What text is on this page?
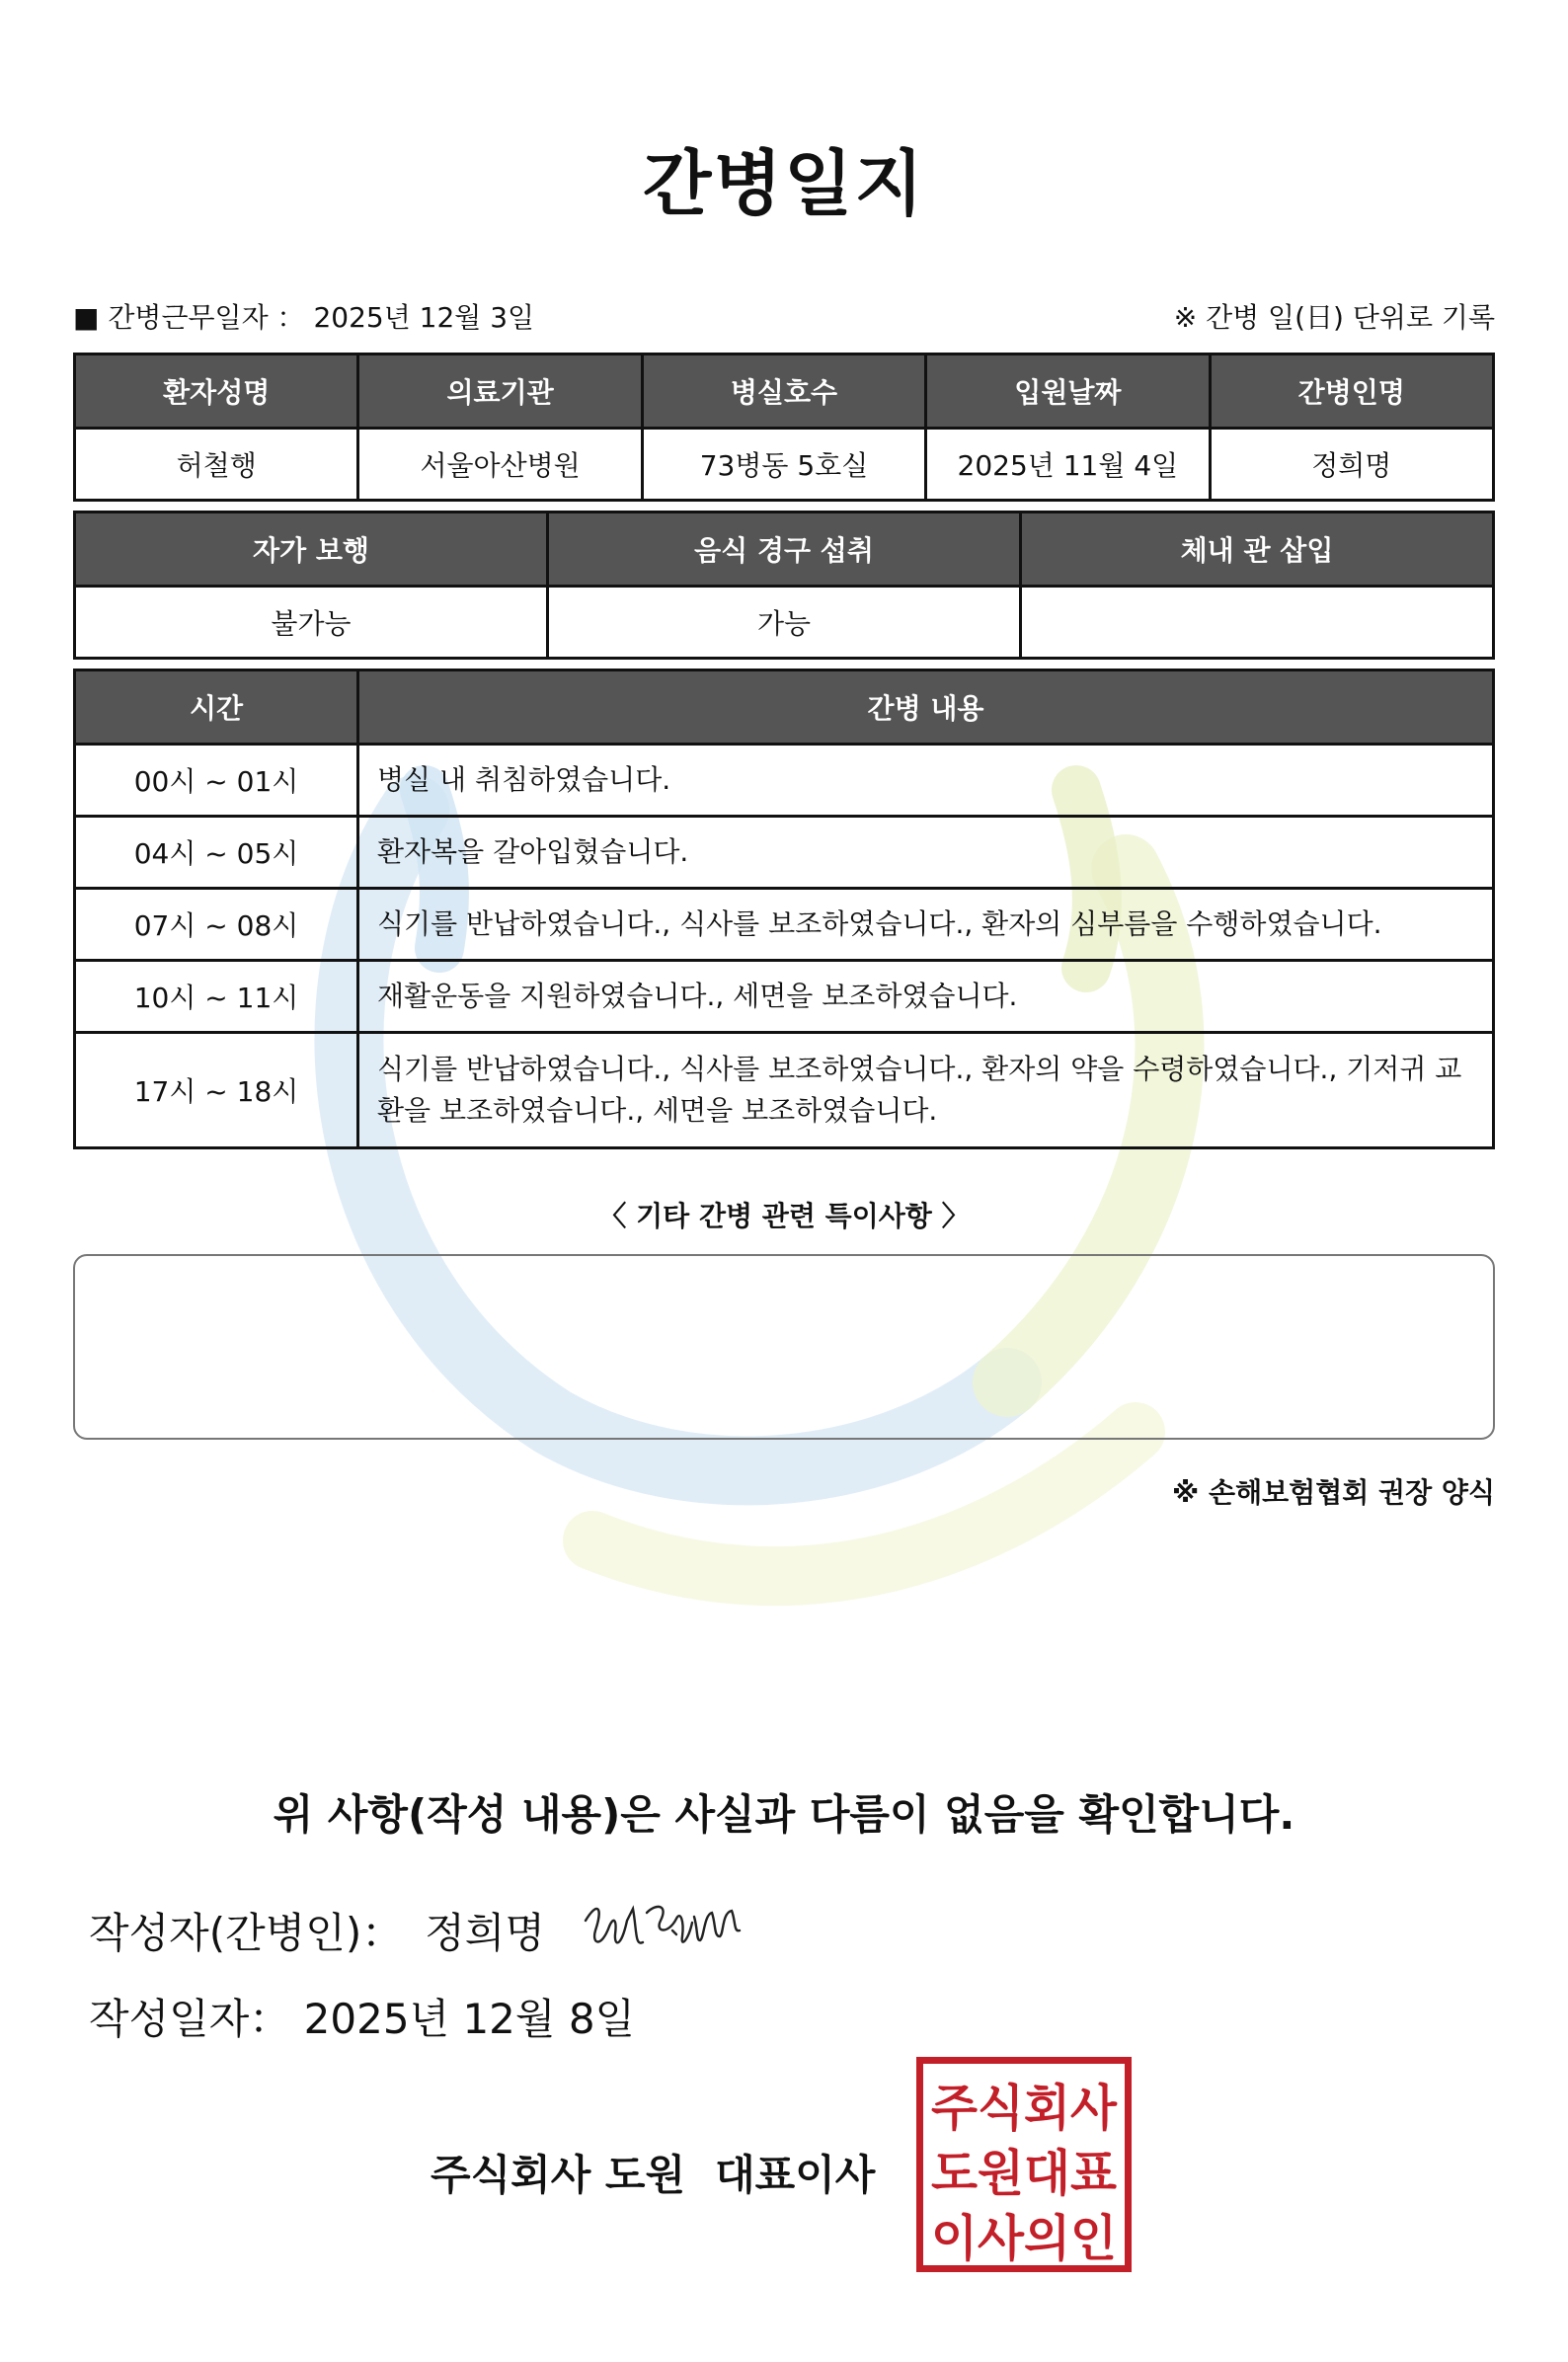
간병일지
■ 간병근무일자 ： 2025년 12월 3일	※ 간병 일(日) 단위로 기록
환자성명	의료기관	병실호수	입원날짜	간병인명
허철행	서울아산병원	73병동 5호실	2025년 11월 4일	정희명
자가 보행	음식 경구 섭취	체내 관 삽입
불가능	가능	
시간	간병 내용
00시 ~ 01시	병실 내 취침하였습니다.
04시 ~ 05시	환자복을 갈아입혔습니다.
07시 ~ 08시	식기를 반납하였습니다., 식사를 보조하였습니다., 환자의 심부름을 수행하였습니다.
10시 ~ 11시	재활운동을 지원하였습니다., 세면을 보조하였습니다.
17시 ~ 18시	식기를 반납하였습니다., 식사를 보조하였습니다., 환자의 약을 수령하였습니다., 기저귀 교환을 보조하였습니다., 세면을 보조하였습니다.
〈 기타 간병 관련 특이사항 〉
※ 손해보험협회 권장 양식
위 사항(작성 내용)은 사실과 다름이 없음을 확인합니다.
작성자(간병인)： 정희명
작성일자： 2025년 12월 8일
주식회사 도원 대표이사
주식회사
도원대표
이사의인
